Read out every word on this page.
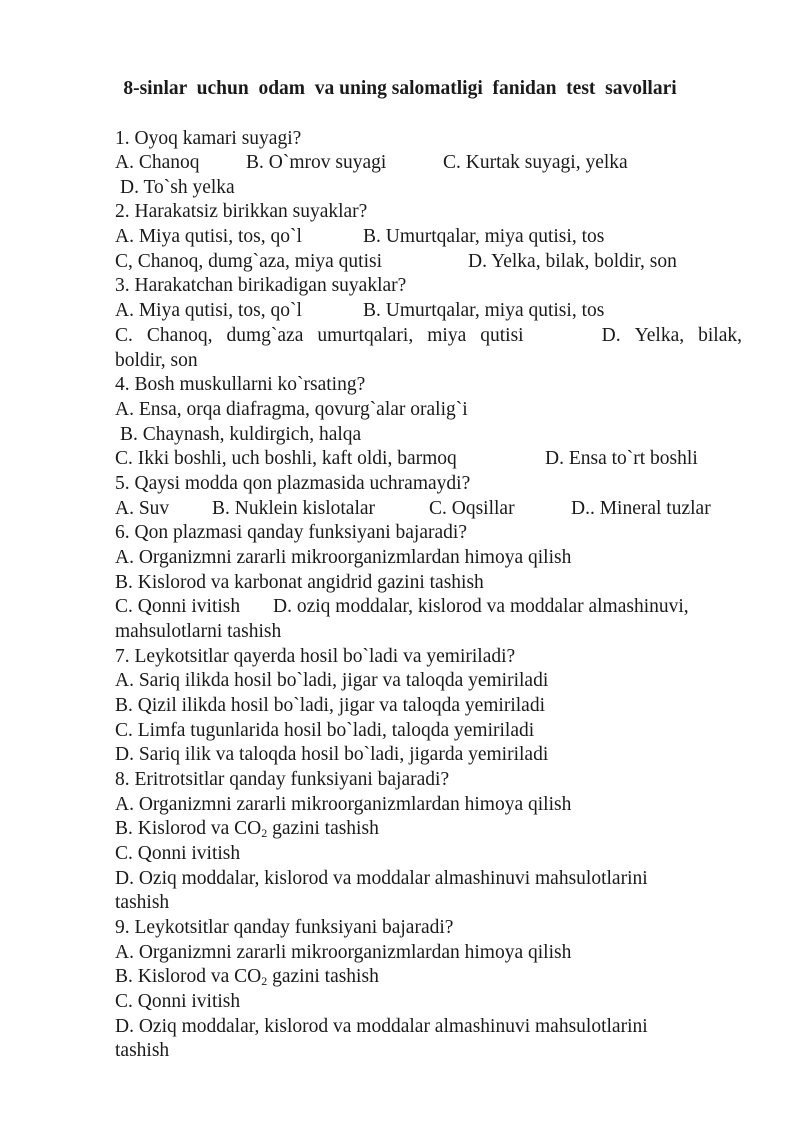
8-sinlar  uchun  odam  va uning salomatligi  fanidan  test  savollari
1. Oyoq kamari suyagi?
A. Chanoq B. O`mrov suyagi	C. Kurtak suyagi, yelka
D. To`sh yelka
2. Harakatsiz birikkan suyaklar?
A. Miya qutisi, tos, qo`l	B. Umurtqalar, miya qutisi, tos
C, Chanoq, dumg`aza, miya qutisi	D. Yelka, bilak, boldir, son
3. Harakatchan birikadigan suyaklar?
A. Miya qutisi, tos, qo`l	B. Umurtqalar, miya qutisi, tos
C. Chanoq, dumg`aza umurtqalari, miya qutisi	D. Yelka, bilak,
boldir, son
4. Bosh muskullarni ko`rsating?
A. Ensa, orqa diafragma, qovurg`alar oralig`i
B. Chaynash, kuldirgich, halqa
C. Ikki boshli, uch boshli, kaft oldi, barmoq	D. Ensa to`rt boshli
5. Qaysi modda qon plazmasida uchramaydi?
A. Suv B. Nuklein kislotalar	C. Oqsillar	D.. Mineral tuzlar
6. Qon plazmasi qanday funksiyani bajaradi?
A. Organizmni zararli mikroorganizmlardan himoya qilish
B. Kislorod va karbonat angidrid gazini tashish
C. Qonni ivitish D. oziq moddalar, kislorod va moddalar almashinuvi,
mahsulotlarni tashish
7. Leykotsitlar qayerda hosil bo`ladi va yemiriladi?
A. Sariq ilikda hosil bo`ladi, jigar va taloqda yemiriladi
B. Qizil ilikda hosil bo`ladi, jigar va taloqda yemiriladi
C. Limfa tugunlarida hosil bo`ladi, taloqda yemiriladi
D. Sariq ilik va taloqda hosil bo`ladi, jigarda yemiriladi
8. Eritrotsitlar qanday funksiyani bajaradi?
A. Organizmni zararli mikroorganizmlardan himoya qilish
B. Kislorod va $CO_2$ gazini tashish
C. Qonni ivitish
D. Oziq moddalar, kislorod va moddalar almashinuvi mahsulotlarini
tashish
9. Leykotsitlar qanday funksiyani bajaradi?
A. Organizmni zararli mikroorganizmlardan himoya qilish
B. Kislorod va $CO_2$ gazini tashish
C. Qonni ivitish
D. Oziq moddalar, kislorod va moddalar almashinuvi mahsulotlarini
tashish
